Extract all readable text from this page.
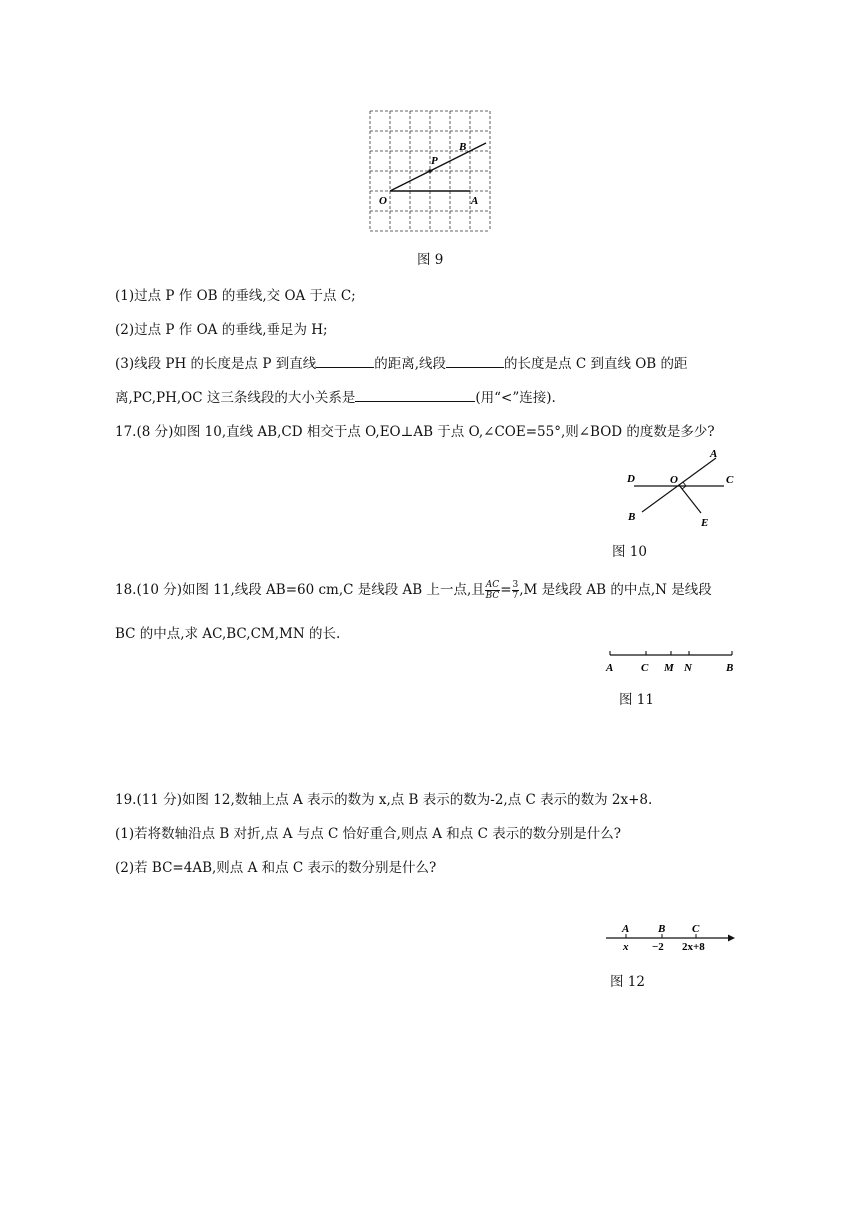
O	A
P
B
图 9
(1)过点 P 作 OB 的垂线,交 OA 于点 C;
(2)过点 P 作 OA 的垂线,垂足为 H;
(3)线段 PH 的长度是点 P 到直线	的距离,线段	的长度是点 C 到直线 OB 的距
离,PC,PH,OC 这三条线段的大小关系是	(用“<”连接).
17.(8 分)如图 10,直线 AB,CD 相交于点 O,EO⊥AB 于点 O,∠COE=55°,则∠BOD 的度数是多少?
D	O
A
C
B	E
图 10
18.(10 分)如图 11,线段 AB=60 cm,C 是线段 AB 上一点,且 $\frac{AC}{BC} = \frac{3}{7} ,M$ 是线段 AB 的中点,N 是线段
BC 的中点,求 AC,BC,CM,MN 的长.
A	C M N	B
图 11
19.(11 分)如图 12,数轴上点 A 表示的数为 x,点 B 表示的数为-2,点 C 表示的数为 2x+8.
(1)若将数轴沿点 B 对折,点 A 与点 C 恰好重合,则点 A 和点 C 表示的数分别是什么?
(2)若 BC=4AB,则点 A 和点 C 表示的数分别是什么?
A	B C
x −2 2x+8
图 12
